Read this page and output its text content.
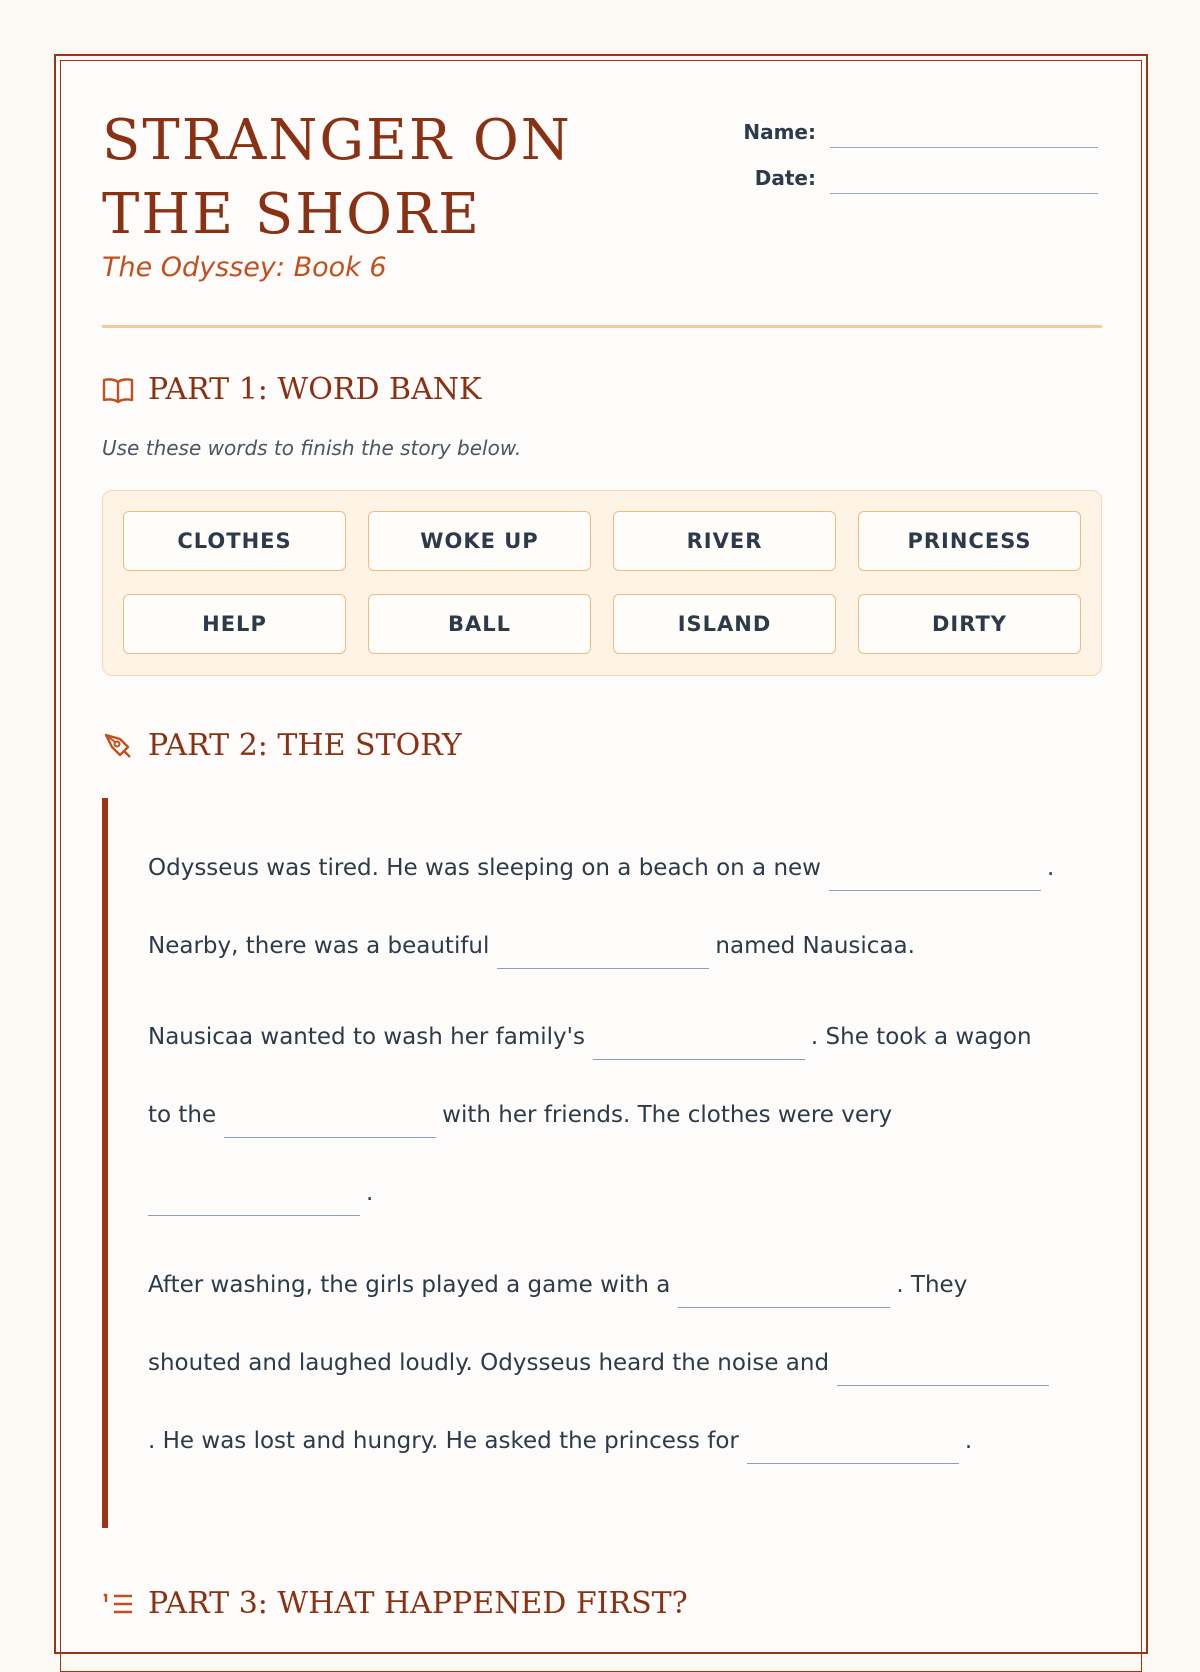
STRANGER ON THE SHORE
The Odyssey: Book 6
Name:
Date:
PART 1: WORD BANK
Use these words to finish the story below.
CLOTHES	WOKE UP	RIVER	PRINCESS
HELP	BALL	ISLAND	DIRTY
PART 2: THE STORY
Odysseus was tired. He was sleeping on a beach on a new	.
Nearby, there was a beautiful	named Nausicaa.
Nausicaa wanted to wash her family's	. She took a wagon
to the	with her friends. The clothes were very
.
After washing, the girls played a game with a	. They
shouted and laughed loudly. Odysseus heard the noise and
. He was lost and hungry. He asked the princess for	.
PART 3: WHAT HAPPENED FIRST?
